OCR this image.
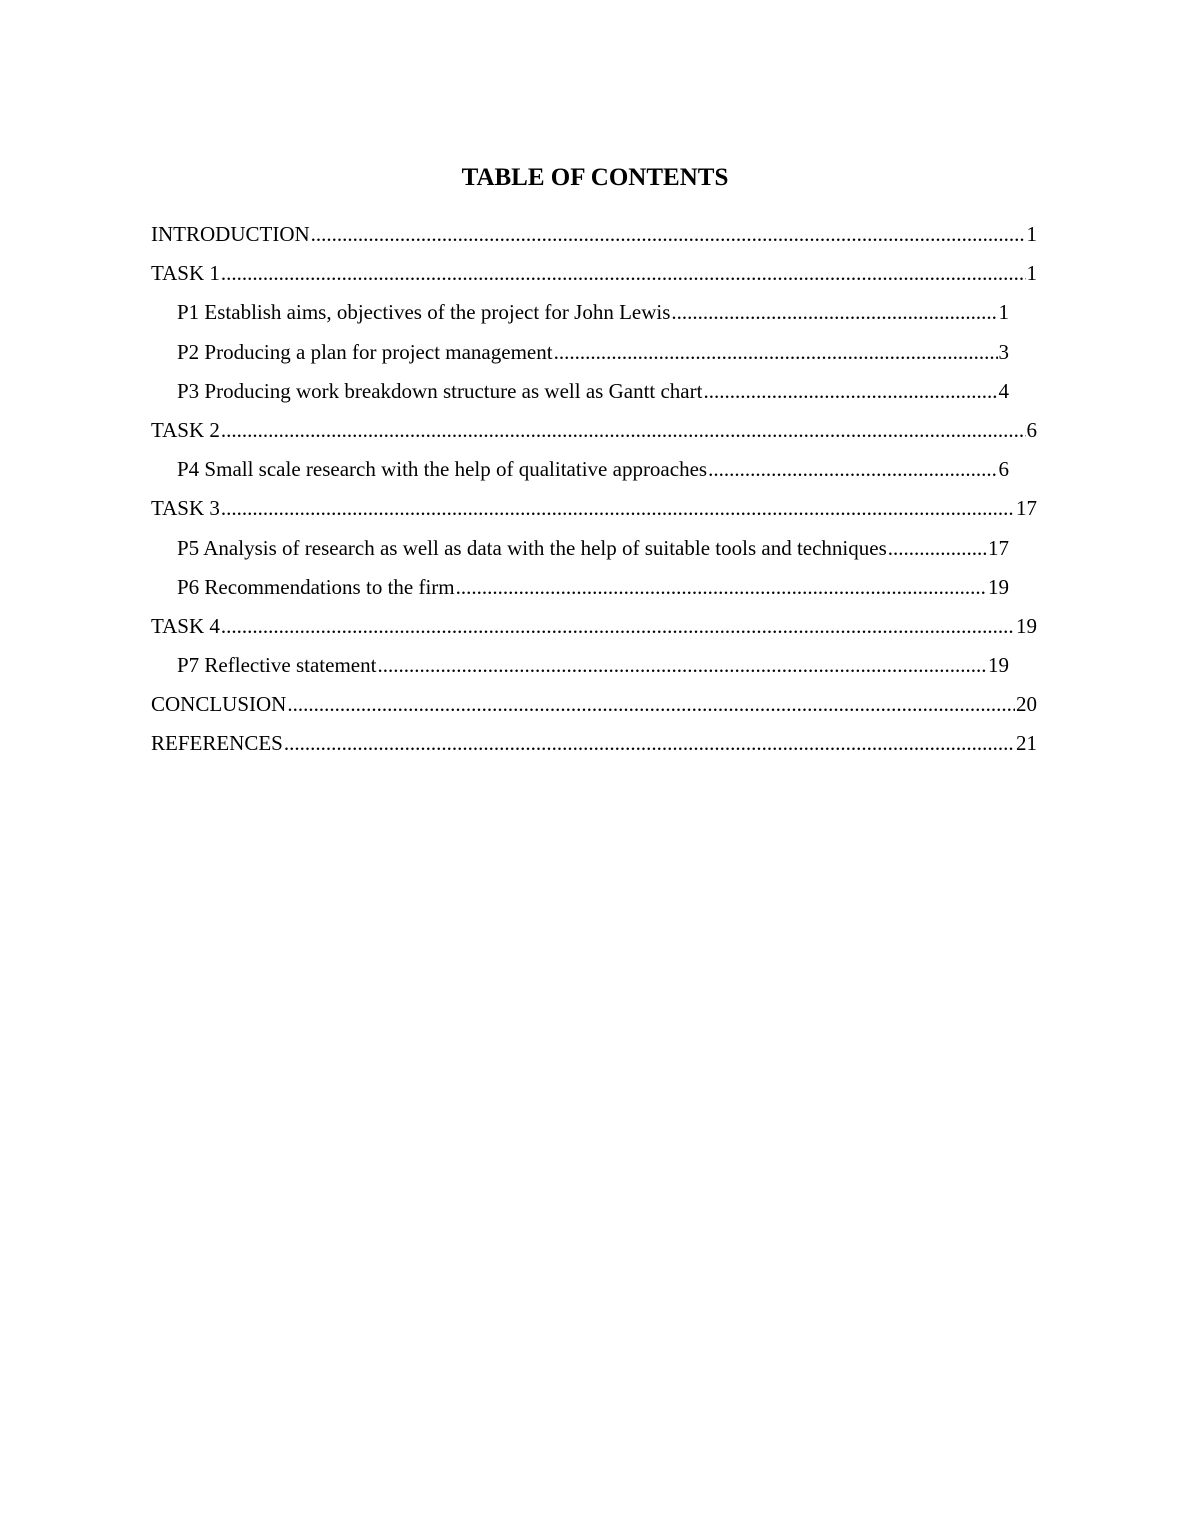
TABLE OF CONTENTS
INTRODUCTION .....	1
TASK 1 .....	1
P1 Establish aims, objectives of the project for John Lewis .....	1
P2 Producing a plan for project management .....	3
P3 Producing work breakdown structure as well as Gantt chart .....	4
TASK 2 .....	6
P4 Small scale research with the help of qualitative approaches .....	6
TASK 3 .....	17
P5 Analysis of research as well as data with the help of suitable tools and techniques .....	17
P6 Recommendations to the firm .....	19
TASK 4 .....	19
P7 Reflective statement .....	19
CONCLUSION .....	20
REFERENCES .....	21
